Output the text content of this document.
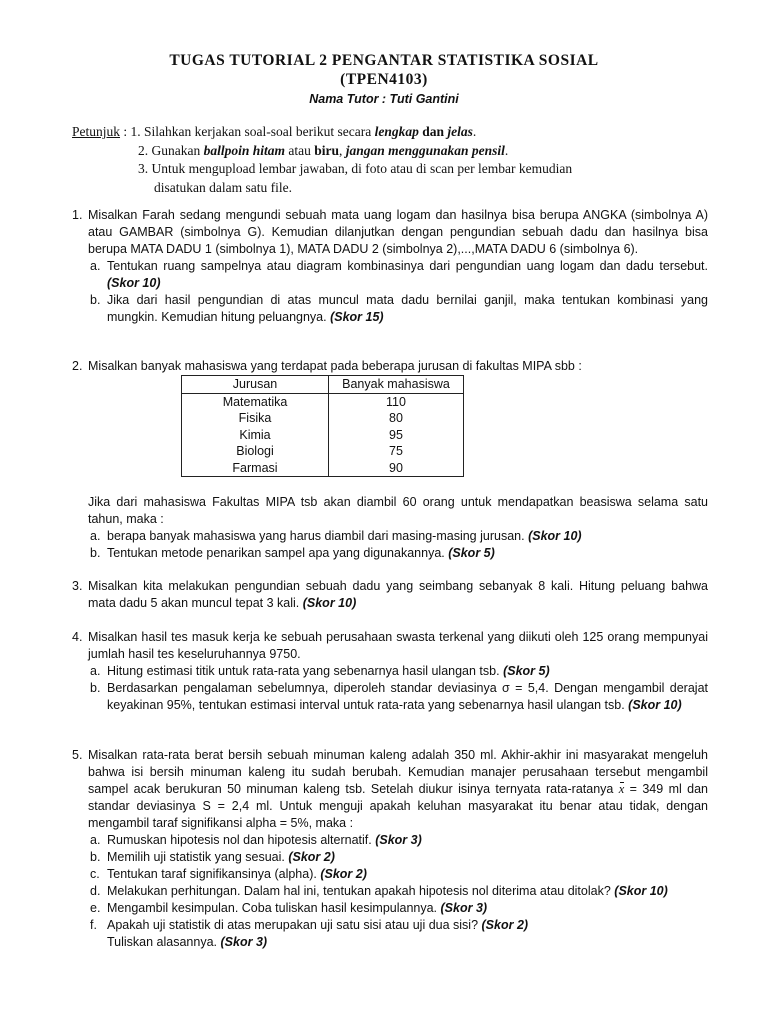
TUGAS TUTORIAL 2 PENGANTAR STATISTIKA SOSIAL
(TPEN4103)
Nama Tutor : Tuti Gantini
Petunjuk : 1. Silahkan kerjakan soal-soal berikut secara lengkap dan jelas.
2. Gunakan ballpoin hitam atau biru, jangan menggunakan pensil.
3. Untuk mengupload lembar jawaban, di foto atau di scan per lembar kemudian
disatukan dalam satu file.
1. Misalkan Farah sedang mengundi sebuah mata uang logam dan hasilnya bisa berupa ANGKA (simbolnya A) atau GAMBAR (simbolnya G). Kemudian dilanjutkan dengan pengundian sebuah dadu dan hasilnya bisa berupa MATA DADU 1 (simbolnya 1), MATA DADU 2 (simbolnya 2),...,MATA DADU 6 (simbolnya 6).

a. Tentukan ruang sampelnya atau diagram kombinasinya dari pengundian uang logam dan dadu tersebut. (Skor 10)

b. Jika dari hasil pengundian di atas muncul mata dadu bernilai ganjil, maka tentukan kombinasi yang mungkin. Kemudian hitung peluangnya. (Skor 15)

2. Misalkan banyak mahasiswa yang terdapat pada beberapa jurusan di fakultas MIPA sbb :

Jurusan	Banyak mahasiswa
Matematika	110
Fisika	80
Kimia	95
Biologi	75
Farmasi	90

Jika dari mahasiswa Fakultas MIPA tsb akan diambil 60 orang untuk mendapatkan beasiswa selama satu tahun, maka :

a. berapa banyak mahasiswa yang harus diambil dari masing-masing jurusan. (Skor 10)

b. Tentukan metode penarikan sampel apa yang digunakannya. (Skor 5)

3. Misalkan kita melakukan pengundian sebuah dadu yang seimbang sebanyak 8 kali. Hitung peluang bahwa mata dadu 5 akan muncul tepat 3 kali. (Skor 10)

4. Misalkan hasil tes masuk kerja ke sebuah perusahaan swasta terkenal yang diikuti oleh 125 orang mempunyai jumlah hasil tes keseluruhannya 9750.

a. Hitung estimasi titik untuk rata-rata yang sebenarnya hasil ulangan tsb. (Skor 5)

b. Berdasarkan pengalaman sebelumnya, diperoleh standar deviasinya σ = 5,4. Dengan mengambil derajat keyakinan 95%, tentukan estimasi interval untuk rata-rata yang sebenarnya hasil ulangan tsb. (Skor 10)

5. Misalkan rata-rata berat bersih sebuah minuman kaleng adalah 350 ml. Akhir-akhir ini masyarakat mengeluh bahwa isi bersih minuman kaleng itu sudah berubah. Kemudian manajer perusahaan tersebut mengambil sampel acak berukuran 50 minuman kaleng tsb. Setelah diukur isinya ternyata rata-ratanya x = 349 ml dan standar deviasinya S = 2,4 ml. Untuk menguji apakah keluhan masyarakat itu benar atau tidak, dengan mengambil taraf signifikansi alpha = 5%, maka :

a. Rumuskan hipotesis nol dan hipotesis alternatif. (Skor 3)

b. Memilih uji statistik yang sesuai. (Skor 2)

c. Tentukan taraf signifikansinya (alpha). (Skor 2)

d. Melakukan perhitungan. Dalam hal ini, tentukan apakah hipotesis nol diterima atau ditolak? (Skor 10)

e. Mengambil kesimpulan. Coba tuliskan hasil kesimpulannya. (Skor 3)

f. Apakah uji statistik di atas merupakan uji satu sisi atau uji dua sisi? (Skor 2)
Tuliskan alasannya. (Skor 3)
